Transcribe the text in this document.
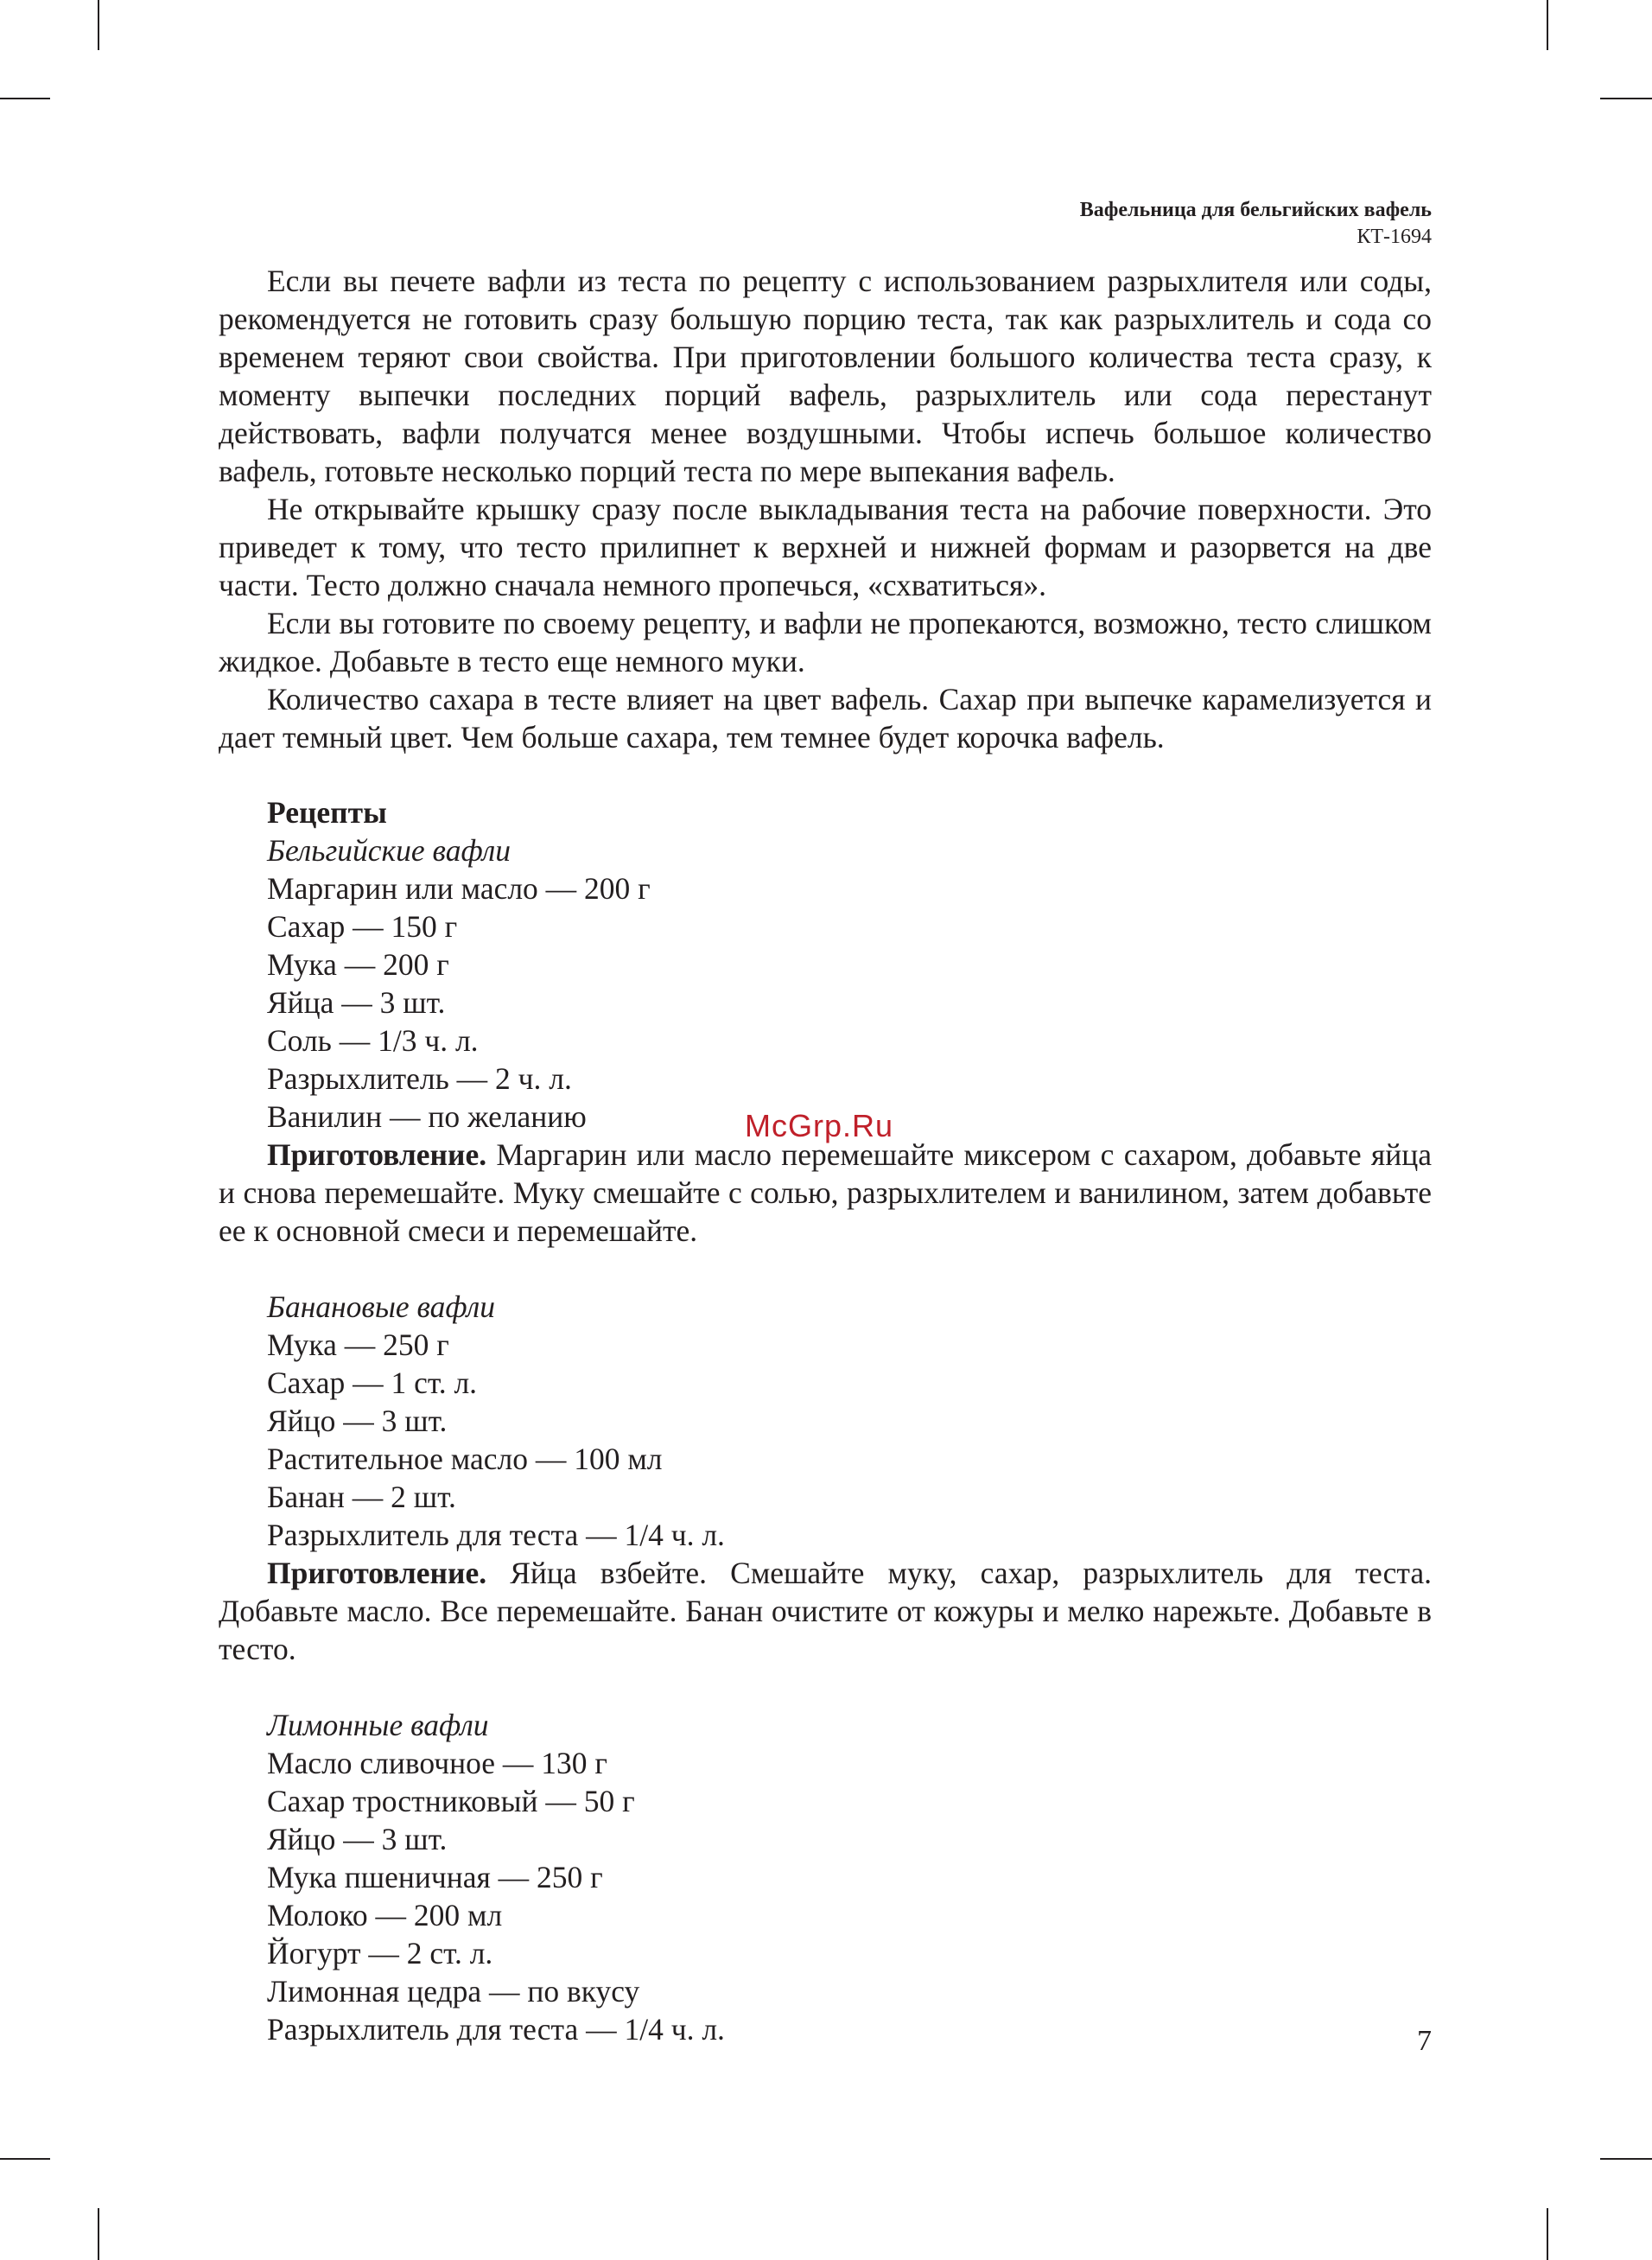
Вафельница для бельгийских вафель
КТ-1694

Если вы печете вафли из теста по рецепту с использованием разрыхлителя или соды, рекомендуется не готовить сразу большую порцию теста, так как разрыхлитель и сода со временем теряют свои свойства. При приготовлении большого количества теста сразу, к моменту выпечки последних порций вафель, разрыхлитель или сода перестанут действовать, вафли получатся менее воздушными. Чтобы испечь большое количество вафель, готовьте несколько порций теста по мере выпекания вафель.

Не открывайте крышку сразу после выкладывания теста на рабочие поверхности. Это приведет к тому, что тесто прилипнет к верхней и нижней формам и разорвется на две части. Тесто должно сначала немного пропечься, «схватиться».

Если вы готовите по своему рецепту, и вафли не пропекаются, возможно, тесто слишком жидкое. Добавьте в тесто еще немного муки.

Количество сахара в тесте влияет на цвет вафель. Сахар при выпечке карамелизуется и дает темный цвет. Чем больше сахара, тем темнее будет корочка вафель.

Рецепты
Бельгийские вафли
Маргарин или масло — 200 г
Сахар — 150 г
Мука — 200 г
Яйца — 3 шт.
Соль — 1/3 ч. л.
Разрыхлитель — 2 ч. л.
Ванилин — по желанию
Приготовление. Маргарин или масло перемешайте миксером с сахаром, добавьте яйца и снова перемешайте. Муку смешайте с солью, разрыхлителем и ванилином, затем добавьте ее к основной смеси и перемешайте.
Банановые вафли
Мука — 250 г
Сахар — 1 ст. л.
Яйцо — 3 шт.
Растительное масло — 100 мл
Банан — 2 шт.
Разрыхлитель для теста — 1/4 ч. л.
Приготовление. Яйца взбейте. Смешайте муку, сахар, разрыхлитель для теста. Добавьте масло. Все перемешайте. Банан очистите от кожуры и мелко нарежьте. Добавьте в тесто.
Лимонные вафли
Масло сливочное — 130 г
Сахар тростниковый — 50 г
Яйцо — 3 шт.
Мука пшеничная — 250 г
Молоко — 200 мл
Йогурт — 2 ст. л.
Лимонная цедра — по вкусу
Разрыхлитель для теста — 1/4 ч. л.
McGrp.Ru
7
